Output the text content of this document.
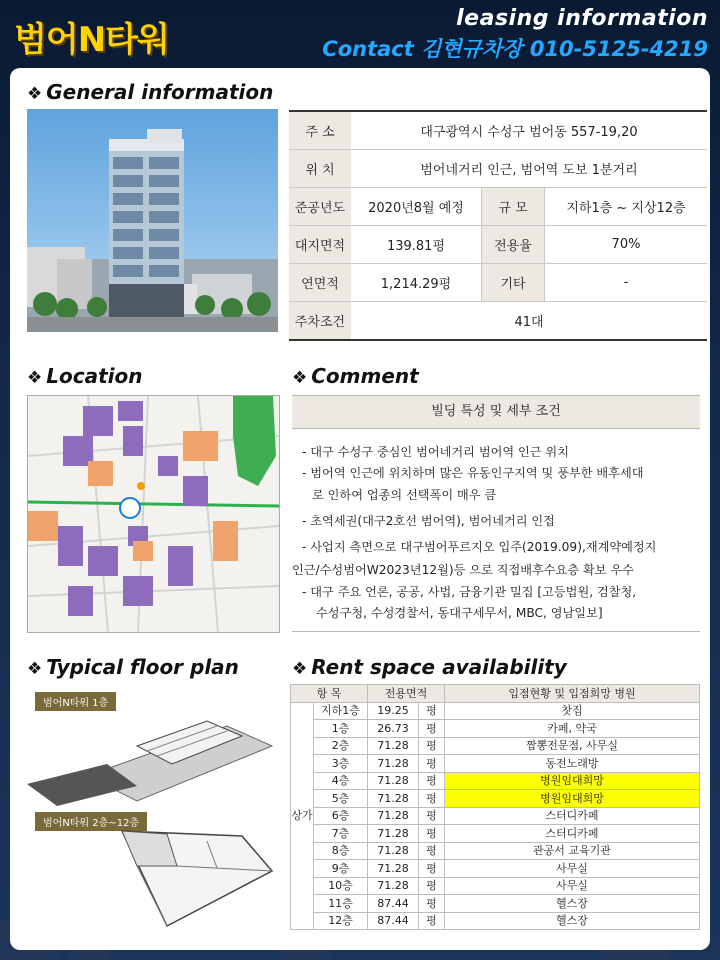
범어N타워
leasing information
Contact 김현규차장 010-5125-4219
❖ General information
주 소	대구광역시 수성구 범어동 557-19,20		
위 치	범어네거리 인근, 범어역 도보 1분거리		
준공년도	2020년8월 예정	규 모	지하1층 ~ 지상12층
대지면적	139.81평	전용율	70%
연면적	1,214.29평	기타	-
주차조건	41대		
❖ Location	❖ Comment
빌딩 특성 및 세부 조건
- 대구 수성구 중심인 범어네거리 범어역 인근 위치
- 범어역 인근에 위치하며 많은 유동인구지역 및 풍부한 배후세대
로 인하여 업종의 선택폭이 매우 큼
- 초역세권(대구2호선 범어역), 범어네거리 인접
- 사업지 측면으로 대구범어푸르지오 입주(2019.09),재계약예정지
인근/수성범어W2023년12월)등 으로 직접배후수요층 확보 우수
- 대구 주요 언론, 공공, 사법, 금융기관 밀집 [고등법원, 검찰청,
수성구청, 수성경찰서, 동대구세무서, MBC, 영남일보]
❖ Typical floor plan
범어N타워 1층
범어N타워 2층~12층
❖ Rent space availability
항 목		전용면적		입점현황 및 입점희망 병원
상가	지하1층	19.25	평	찻집
	1층	26.73	평	카페, 약국
	2층	71.28	평	짬뽕전문점, 사무실
	3층	71.28	평	동전노래방
	4층	71.28	평	병원임대희망
	5층	71.28	평	병원임대희망
	6층	71.28	평	스터디카페
	7층	71.28	평	스터디카페
	8층	71.28	평	관공서 교육기관
	9층	71.28	평	사무실
	10층	71.28	평	사무실
	11층	87.44	평	헬스장
	12층	87.44	평	헬스장
